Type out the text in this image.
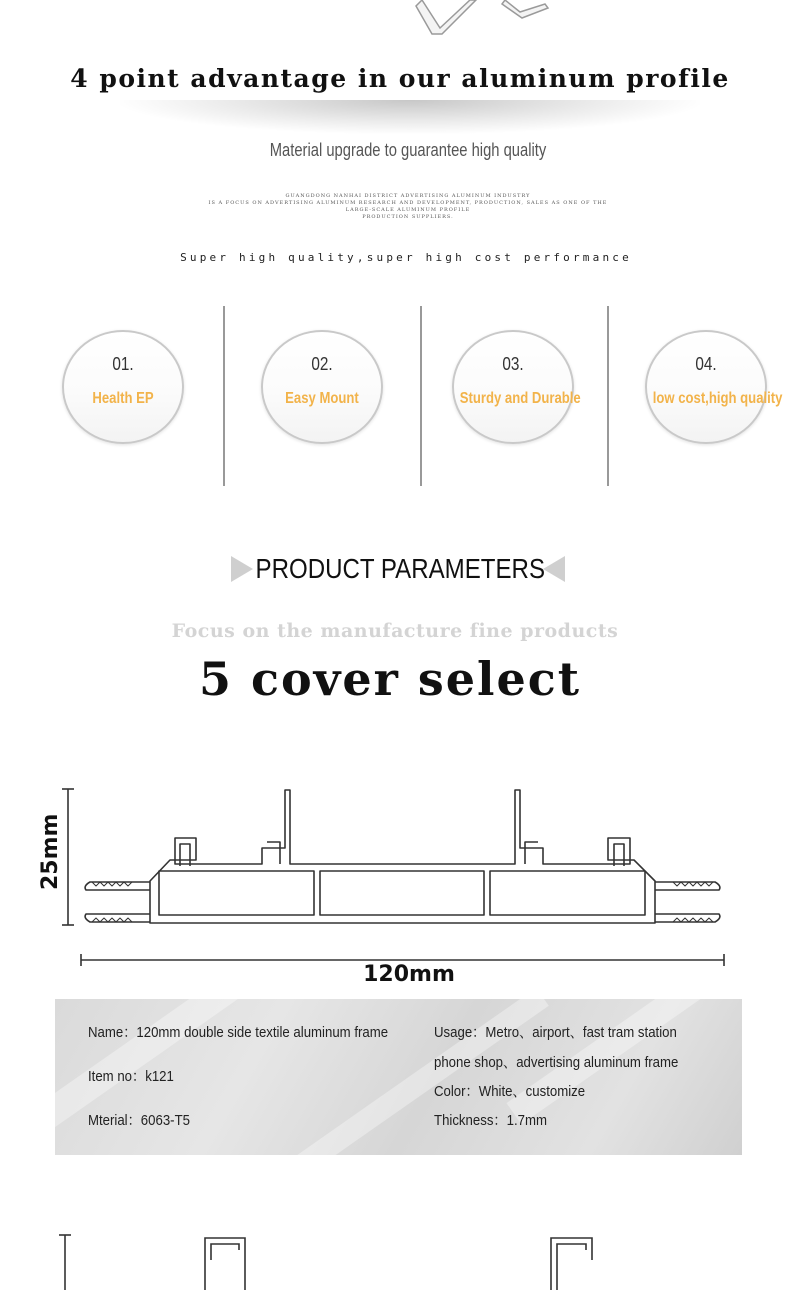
4 point advantage in our aluminum profile
Material upgrade to guarantee high quality
GUANGDONG NANHAI DISTRICT ADVERTISING ALUMINUM INDUSTRY
IS A FOCUS ON ADVERTISING ALUMINUM RESEARCH AND DEVELOPMENT, PRODUCTION, SALES AS ONE OF THE
LARGE-SCALE ALUMINUM PROFILE
PRODUCTION SUPPLIERS.
Super high quality,super high cost performance
01.
Health EP
02.
Easy Mount
03.
Sturdy and Durable
04.
low cost,high quality
PRODUCT PARAMETERS
Focus on the manufacture fine products
5 cover select
25mm
120mm
Name：120mm double side textile aluminum frame
Item no：k121
Mterial：6063-T5
Usage：Metro、airport、fast tram station
phone shop、advertising aluminum frame
Color：White、customize
Thickness：1.7mm
